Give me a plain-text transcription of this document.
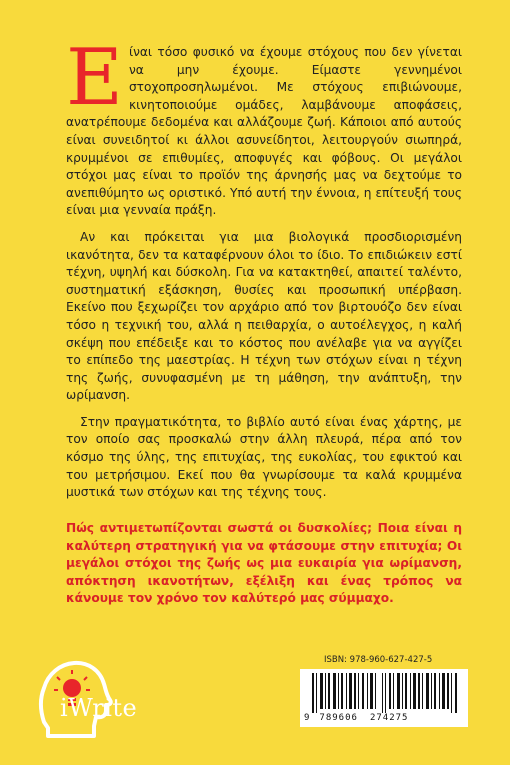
Είναι τόσο φυσικό να έχουμε στόχους που δεν γίνεται να μην έχουμε. Είμαστε γεννημένοι στοχοπροσηλωμένοι. Με στόχους επιβιώνουμε, κινητοποιούμε ομάδες, λαμβάνουμε αποφάσεις, ανατρέπουμε δεδομένα και αλλάζουμε ζωή. Κάποιοι από αυτούς είναι συνειδητοί κι άλλοι ασυνείδητοι, λειτουργούν σιωπηρά, κρυμμένοι σε επιθυμίες, αποφυγές και φόβους. Οι μεγάλοι στόχοι μας είναι το προϊόν της άρνησής μας να δεχτούμε το ανεπιθύμητο ως οριστικό. Υπό αυτή την έννοια, η επίτευξή τους είναι μια γενναία πράξη.

Αν και πρόκειται για μια βιολογικά προσδιορισμένη ικανότητα, δεν τα καταφέρνουν όλοι το ίδιο. Το επιδιώκειν εστί τέχνη, υψηλή και δύσκολη. Για να κατακτηθεί, απαιτεί ταλέντο, συστηματική εξάσκηση, θυσίες και προσωπική υπέρβαση. Εκείνο που ξεχωρίζει τον αρχάριο από τον βιρτουόζο δεν είναι τόσο η τεχνική του, αλλά η πειθαρχία, ο αυτοέλεγχος, η καλή σκέψη που επέδειξε και το κόστος που ανέλαβε για να αγγίζει το επίπεδο της μαεστρίας. Η τέχνη των στόχων είναι η τέχνη της ζωής, συνυφασμένη με τη μάθηση, την ανάπτυξη, την ωρίμανση.

Στην πραγματικότητα, το βιβλίο αυτό είναι ένας χάρτης, με τον οποίο σας προσκαλώ στην άλλη πλευρά, πέρα από τον κόσμο της ύλης, της επιτυχίας, της ευκολίας, του εφικτού και του μετρήσιμου. Εκεί που θα γνωρίσουμε τα καλά κρυμμένα μυστικά των στόχων και της τέχνης τους.

Πώς αντιμετωπίζονται σωστά οι δυσκολίες; Ποια είναι η καλύτερη στρατηγική για να φτάσουμε στην επιτυχία; Οι μεγάλοι στόχοι της ζωής ως μια ευκαιρία για ωρίμανση, απόκτηση ικανοτήτων, εξέλιξη και ένας τρόπος να κάνουμε τον χρόνο τον καλύτερό μας σύμμαχο.

iWrite
ISBN: 978-960-627-427-5
9 789606 274275
